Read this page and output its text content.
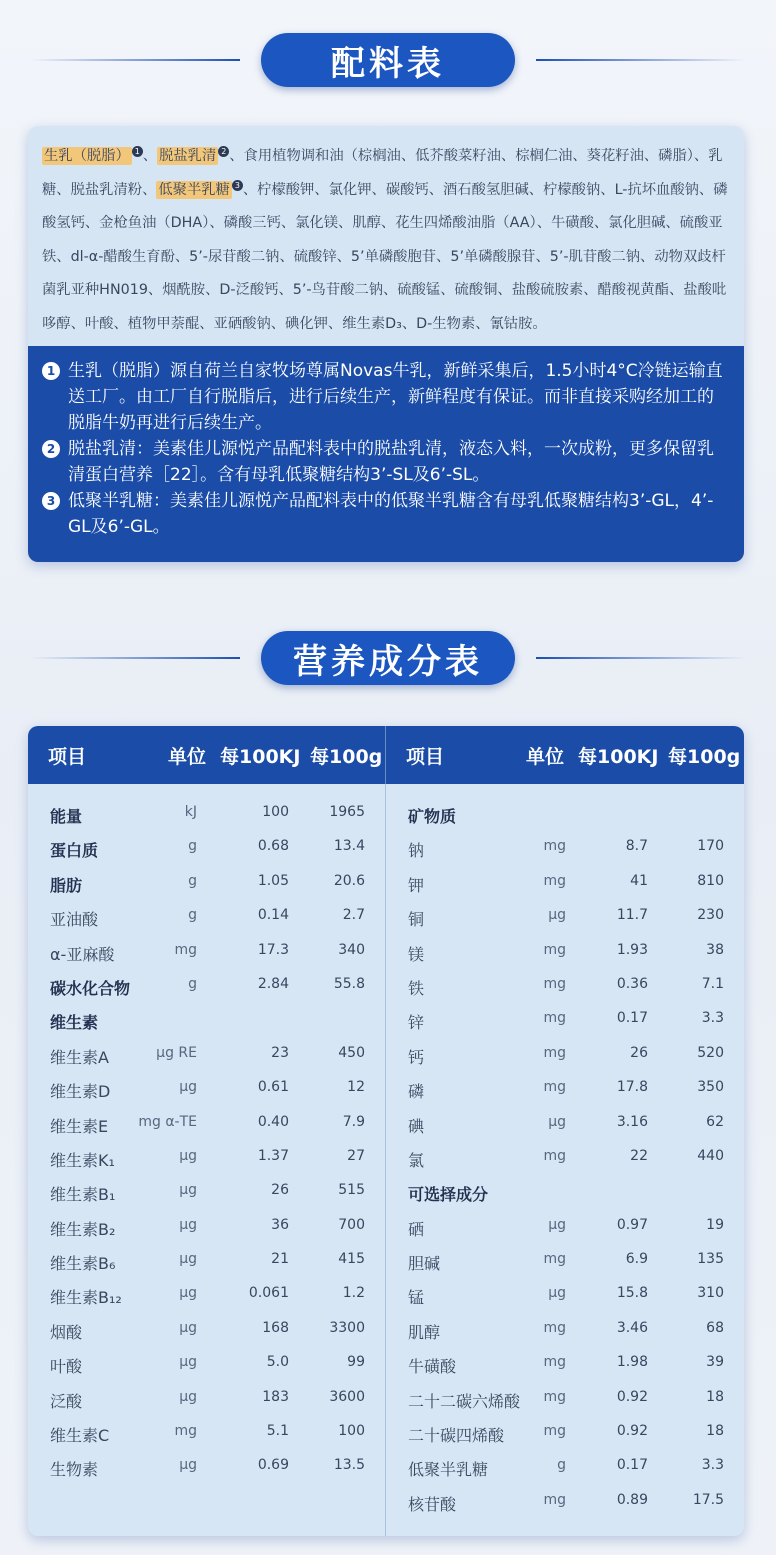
配料表
生乳（脱脂） 1 、 脱盐乳清 2 、食用植物调和油（棕榈油、低芥酸菜籽油、棕榈仁油、葵花籽油、磷脂）、乳糖、脱盐乳清粉、 低聚半乳糖 3 、柠檬酸钾、氯化钾、碳酸钙、酒石酸氢胆碱、柠檬酸钠、L-抗坏血酸钠、磷酸氢钙、金枪鱼油（DHA）、磷酸三钙、氯化镁、肌醇、花生四烯酸油脂（AA）、牛磺酸、氯化胆碱、硫酸亚铁、dl-α-醋酸生育酚、5’-尿苷酸二钠、硫酸锌、5’单磷酸胞苷、5’单磷酸腺苷、5’-肌苷酸二钠、动物双歧杆菌乳亚种HN019、烟酰胺、D-泛酸钙、5’-鸟苷酸二钠、硫酸锰、硫酸铜、盐酸硫胺素、醋酸视黄酯、盐酸吡哆醇、叶酸、植物甲萘醌、亚硒酸钠、碘化钾、维生素D₃、D-生物素、氰钴胺。
1 生乳（脱脂）源自荷兰自家牧场尊属Novas牛乳，新鲜采集后，1.5小时4°C冷链运输直送工厂。由工厂自行脱脂后，进行后续生产，新鲜程度有保证。而非直接采购经加工的脱脂牛奶再进行后续生产。
2 脱盐乳清：美素佳儿源悦产品配料表中的脱盐乳清，液态入料，一次成粉，更多保留乳清蛋白营养［22］。含有母乳低聚糖结构3’-SL及6’-SL。
3 低聚半乳糖：美素佳儿源悦产品配料表中的低聚半乳糖含有母乳低聚糖结构3’-GL，4’-GL及6’-GL。
营养成分表
项目	单位 每100KJ 每100g 项目	单位 每100KJ 每100g
能量	kJ	100	1965
蛋白质	g	0.68	13.4
脂肪	g	1.05	20.6
亚油酸	g	0.14	2.7
α-亚麻酸	mg	17.3	340
碳水化合物	g	2.84	55.8
维生素
维生素A	μg RE	23	450
维生素D	μg	0.61	12
维生素E mg α-TE	0.40	7.9
维生素K₁	μg	1.37	27
维生素B₁	μg	26	515
维生素B₂	μg	36	700
维生素B₆	μg	21	415
维生素B₁₂	μg	0.061	1.2
烟酸	μg	168	3300
叶酸	μg	5.0	99
泛酸	μg	183	3600
维生素C	mg	5.1	100
生物素	μg	0.69	13.5
矿物质
钠	mg	8.7	170
钾	mg	41	810
铜	μg	11.7	230
镁	mg	1.93	38
铁	mg	0.36	7.1
锌	mg	0.17	3.3
钙	mg	26	520
磷	mg	17.8	350
碘	μg	3.16	62
氯	mg	22	440
可选择成分
硒	μg	0.97	19
胆碱	mg	6.9	135
锰	μg	15.8	310
肌醇	mg	3.46	68
牛磺酸	mg	1.98	39
二十二碳六烯酸 mg	0.92	18
二十碳四烯酸	mg	0.92	18
低聚半乳糖	g	0.17	3.3
核苷酸	mg	0.89	17.5
